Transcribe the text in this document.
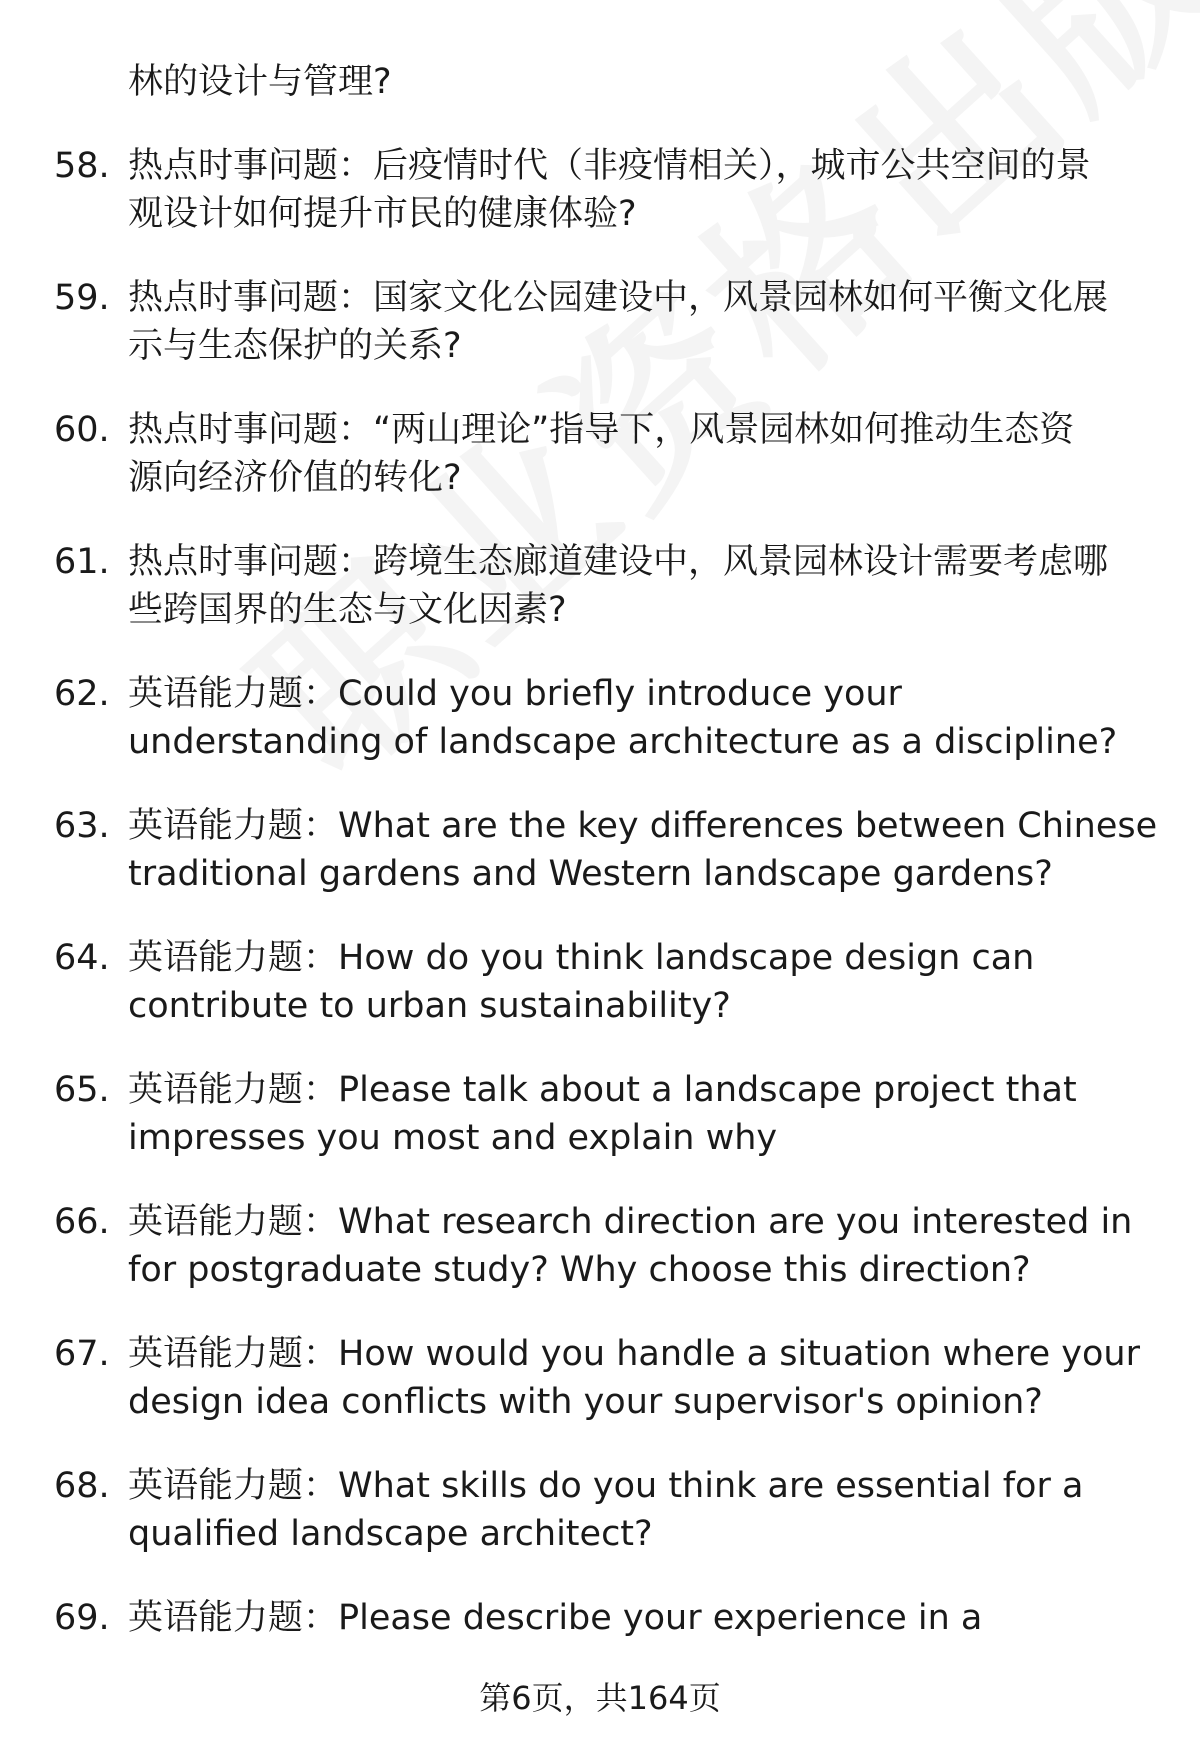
林的设计与管理?
58. 热点时事问题：后疫情时代（非疫情相关），城市公共空间的景
观设计如何提升市民的健康体验?
59. 热点时事问题：国家文化公园建设中，风景园林如何平衡文化展
示与生态保护的关系?
60. 热点时事问题：“两山理论”指导下，风景园林如何推动生态资
源向经济价值的转化?
61. 热点时事问题：跨境生态廊道建设中，风景园林设计需要考虑哪
些跨国界的生态与文化因素?
62. 英语能力题：Could you briefly introduce your
understanding of landscape architecture as a discipline?
63. 英语能力题：What are the key differences between Chinese
traditional gardens and Western landscape gardens?
64. 英语能力题：How do you think landscape design can
contribute to urban sustainability?
65. 英语能力题：Please talk about a landscape project that
impresses you most and explain why
66. 英语能力题：What research direction are you interested in
for postgraduate study? Why choose this direction?
67. 英语能力题：How would you handle a situation where your
design idea conflicts with your supervisor's opinion?
68. 英语能力题：What skills do you think are essential for a
qualified landscape architect?
69. 英语能力题：Please describe your experience in a
第6页，共164页
